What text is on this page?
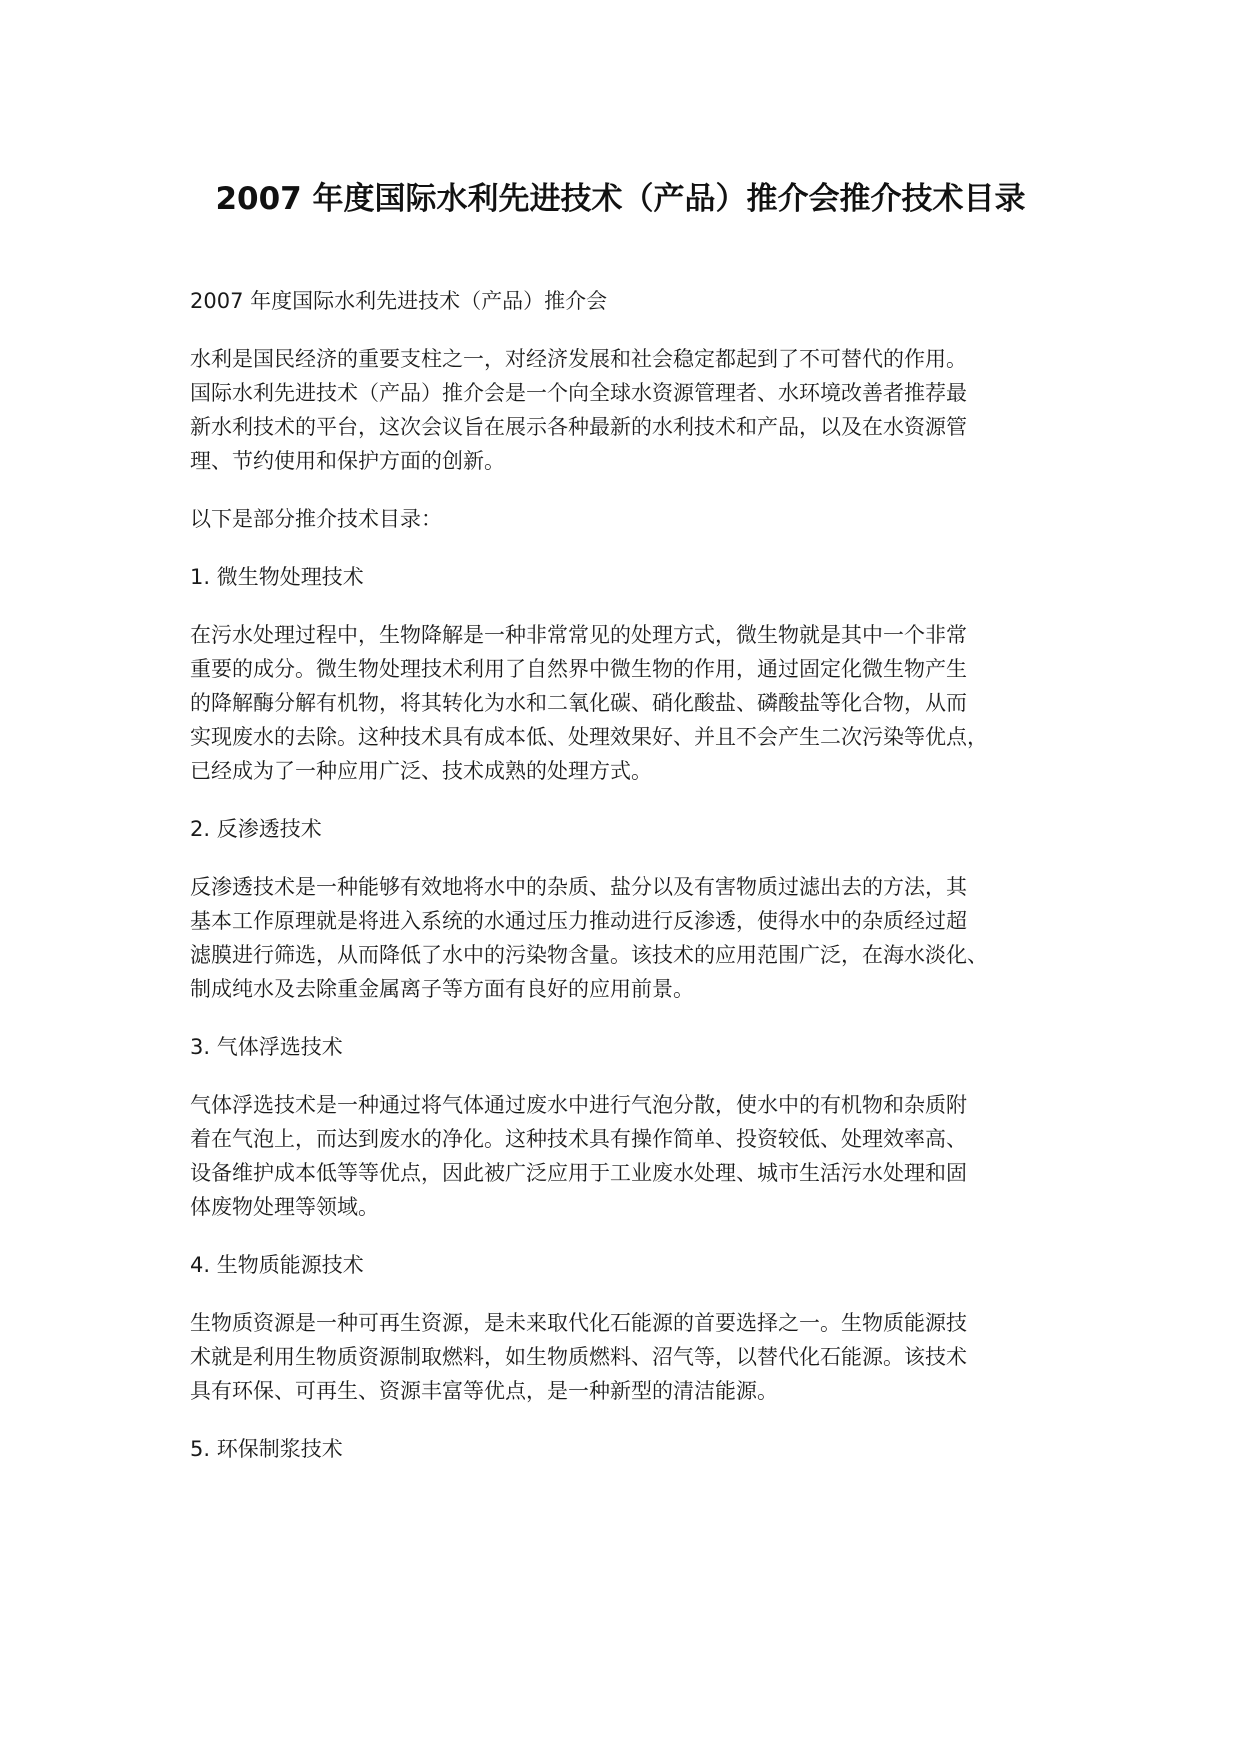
2007 年度国际水利先进技术（产品）推介会推介技术目录

2007 年度国际水利先进技术（产品）推介会

水利是国民经济的重要支柱之一，对经济发展和社会稳定都起到了不可替代的作用。
国际水利先进技术（产品）推介会是一个向全球水资源管理者、水环境改善者推荐最
新水利技术的平台，这次会议旨在展示各种最新的水利技术和产品，以及在水资源管
理、节约使用和保护方面的创新。

以下是部分推介技术目录：

1. 微生物处理技术

在污水处理过程中，生物降解是一种非常常见的处理方式，微生物就是其中一个非常
重要的成分。微生物处理技术利用了自然界中微生物的作用，通过固定化微生物产生
的降解酶分解有机物，将其转化为水和二氧化碳、硝化酸盐、磷酸盐等化合物，从而
实现废水的去除。这种技术具有成本低、处理效果好、并且不会产生二次污染等优点，
已经成为了一种应用广泛、技术成熟的处理方式。

2. 反渗透技术

反渗透技术是一种能够有效地将水中的杂质、盐分以及有害物质过滤出去的方法，其
基本工作原理就是将进入系统的水通过压力推动进行反渗透，使得水中的杂质经过超
滤膜进行筛选，从而降低了水中的污染物含量。该技术的应用范围广泛，在海水淡化、
制成纯水及去除重金属离子等方面有良好的应用前景。

3. 气体浮选技术

气体浮选技术是一种通过将气体通过废水中进行气泡分散，使水中的有机物和杂质附
着在气泡上，而达到废水的净化。这种技术具有操作简单、投资较低、处理效率高、
设备维护成本低等等优点，因此被广泛应用于工业废水处理、城市生活污水处理和固
体废物处理等领域。

4. 生物质能源技术

生物质资源是一种可再生资源，是未来取代化石能源的首要选择之一。生物质能源技
术就是利用生物质资源制取燃料，如生物质燃料、沼气等，以替代化石能源。该技术
具有环保、可再生、资源丰富等优点，是一种新型的清洁能源。

5. 环保制浆技术
